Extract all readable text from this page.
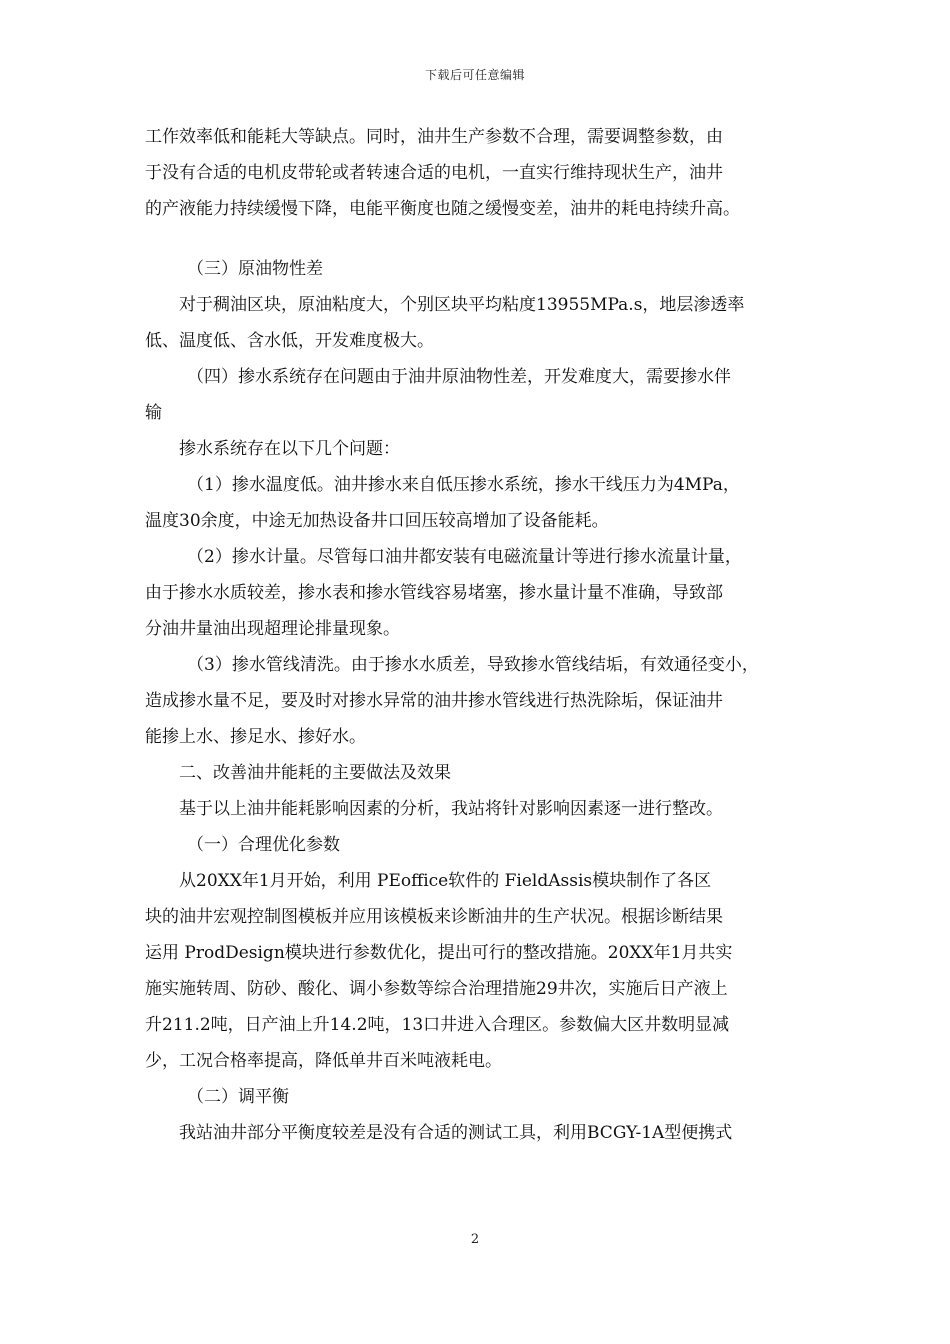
下载后可任意编辑

工作效率低和能耗大等缺点。同时，油井生产参数不合理，需要调整参数，由
于没有合适的电机皮带轮或者转速合适的电机，一直实行维持现状生产，油井
的产液能力持续缓慢下降，电能平衡度也随之缓慢变差，油井的耗电持续升高。

（三）原油物性差

对于稠油区块，原油粘度大，个别区块平均粘度13955MPa.s，地层渗透率
低、温度低、含水低，开发难度极大。

（四）掺水系统存在问题由于油井原油物性差，开发难度大，需要掺水伴
输

掺水系统存在以下几个问题：

（1）掺水温度低。油井掺水来自低压掺水系统，掺水干线压力为4MPa，
温度30余度，中途无加热设备井口回压较高增加了设备能耗。

（2）掺水计量。尽管每口油井都安装有电磁流量计等进行掺水流量计量，
由于掺水水质较差，掺水表和掺水管线容易堵塞，掺水量计量不准确，导致部
分油井量油出现超理论排量现象。

（3）掺水管线清洗。由于掺水水质差，导致掺水管线结垢，有效通径变小，
造成掺水量不足，要及时对掺水异常的油井掺水管线进行热洗除垢，保证油井
能掺上水、掺足水、掺好水。

二、改善油井能耗的主要做法及效果

基于以上油井能耗影响因素的分析，我站将针对影响因素逐一进行整改。

（一）合理优化参数

从20XX年1月开始，利用 PEoffice软件的 FieldAssis模块制作了各区
块的油井宏观控制图模板并应用该模板来诊断油井的生产状况。根据诊断结果
运用 ProdDesign模块进行参数优化，提出可行的整改措施。20XX年1月共实
施实施转周、防砂、酸化、调小参数等综合治理措施29井次，实施后日产液上
升211.2吨，日产油上升14.2吨，13口井进入合理区。参数偏大区井数明显减
少，工况合格率提高，降低单井百米吨液耗电。

（二）调平衡

我站油井部分平衡度较差是没有合适的测试工具，利用BCGY-1A型便携式

2
